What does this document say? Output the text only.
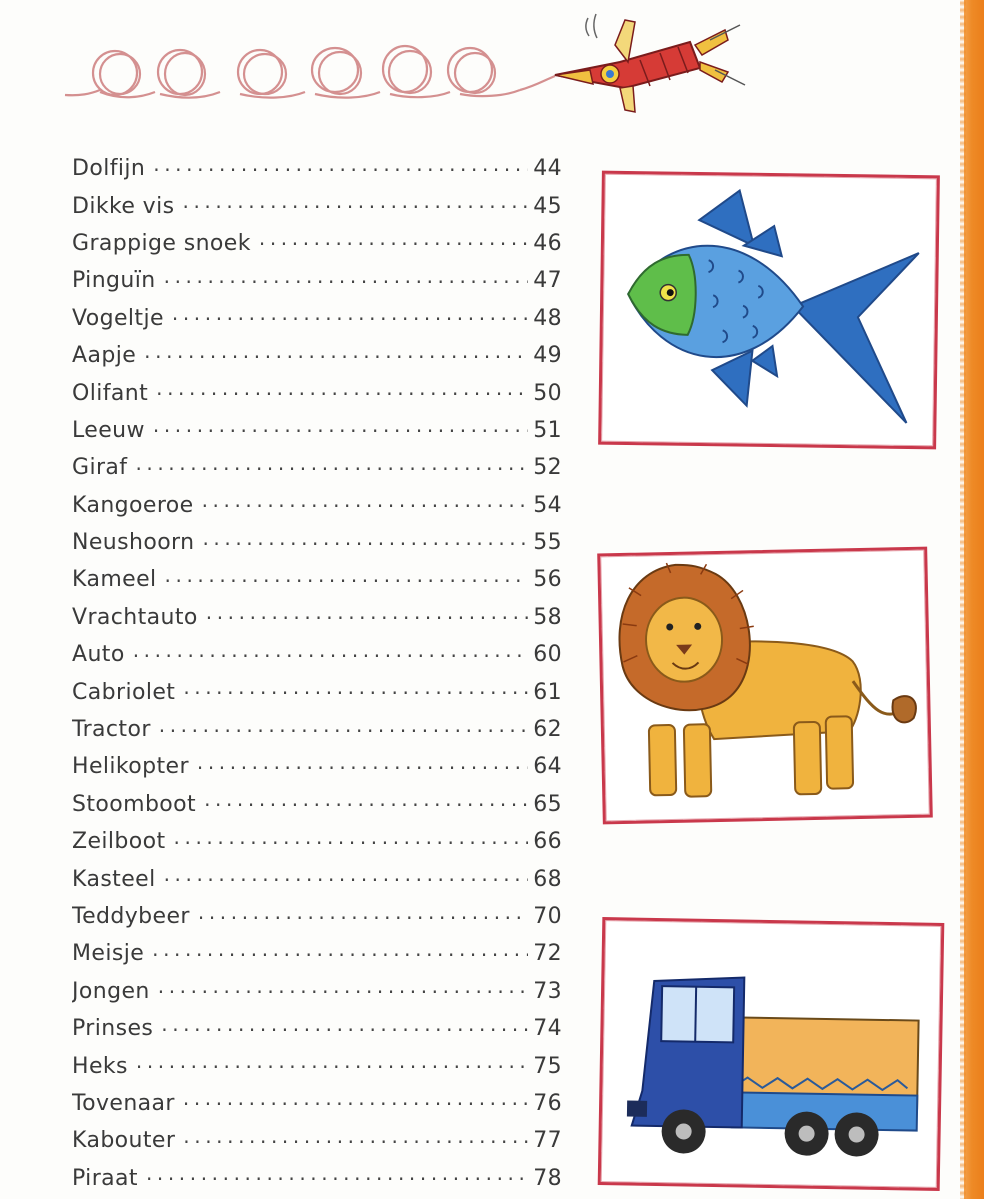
Dolfijn .....	44
Dikke vis .....	45
Grappige snoek .....	46
Pinguïn .....	47
Vogeltje .....	48
Aapje .....	49
Olifant .....	50
Leeuw .....	51
Giraf .....	52
Kangoeroe .....	54
Neushoorn .....	55
Kameel .....	56
Vrachtauto .....	58
Auto .....	60
Cabriolet .....	61
Tractor .....	62
Helikopter .....	64
Stoomboot .....	65
Zeilboot .....	66
Kasteel .....	68
Teddybeer .....	70
Meisje .....	72
Jongen .....	73
Prinses .....	74
Heks .....	75
Tovenaar .....	76
Kabouter .....	77
Piraat .....	78
